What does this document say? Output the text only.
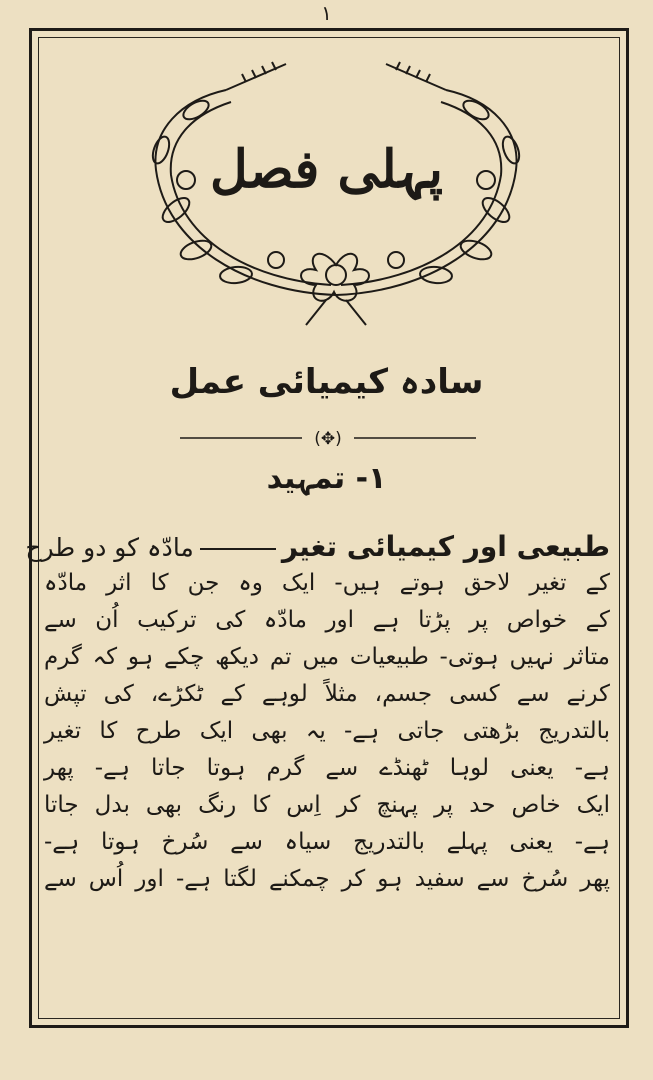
۱
پہلی فصل
سادہ کیمیائی عمل
(✥)
۱- تمہید
طبیعی اور کیمیائی تغیرمادّہ کو دو طرح
کے تغیر لاحق ہوتے ہیں- ایک وہ جن کا اثر مادّہ
کے خواص پر پڑتا ہے اور مادّہ کی ترکیب اُن سے
متاثر نہیں ہوتی- طبیعیات میں تم دیکھ چکے ہو کہ گرم
کرنے سے کسی جسم، مثلاً لوہے کے ٹکڑے، کی تپش
بالتدریج بڑھتی جاتی ہے- یہ بھی ایک طرح کا تغیر
ہے- یعنی لوہا ٹھنڈے سے گرم ہوتا جاتا ہے- پھر
ایک خاص حد پر پہنچ کر اِس کا رنگ بھی بدل جاتا
ہے- یعنی پہلے بالتدریج سیاہ سے سُرخ ہوتا ہے-
پھر سُرخ سے سفید ہو کر چمکنے لگتا ہے- اور اُس سے
